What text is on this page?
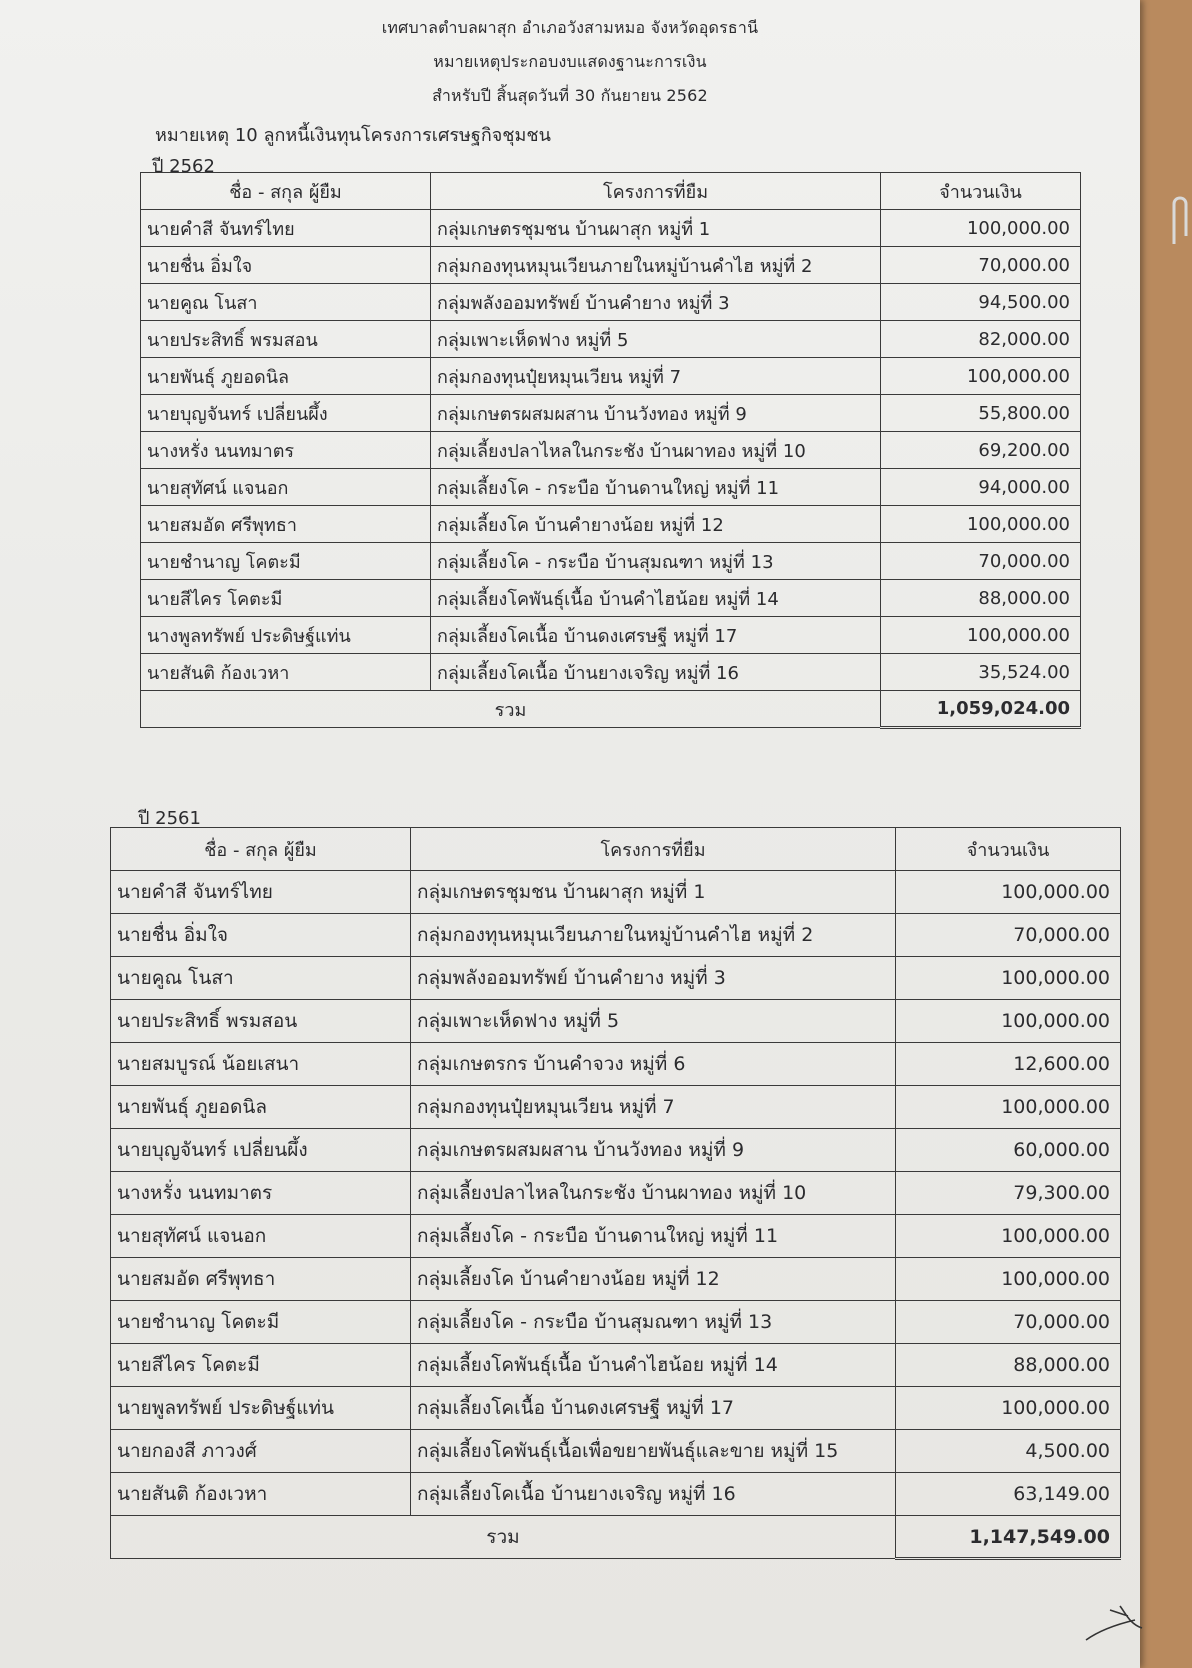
เทศบาลตำบลผาสุก อำเภอวังสามหมอ จังหวัดอุดรธานี
หมายเหตุประกอบงบแสดงฐานะการเงิน
สำหรับปี สิ้นสุดวันที่ 30 กันยายน 2562
หมายเหตุ 10 ลูกหนี้เงินทุนโครงการเศรษฐกิจชุมชน
ปี 2562
ชื่อ - สกุล ผู้ยืม	โครงการที่ยืม	จำนวนเงิน
นายคำสี จันทร์ไทย	กลุ่มเกษตรชุมชน บ้านผาสุก หมู่ที่ 1	100,000.00
นายชื่น อิ่มใจ	กลุ่มกองทุนหมุนเวียนภายในหมู่บ้านคำไฮ หมู่ที่ 2	70,000.00
นายคูณ โนสา	กลุ่มพลังออมทรัพย์ บ้านคำยาง หมู่ที่ 3	94,500.00
นายประสิทธิ์ พรมสอน	กลุ่มเพาะเห็ดฟาง หมู่ที่ 5	82,000.00
นายพันธุ์ ภูยอดนิล	กลุ่มกองทุนปุ๋ยหมุนเวียน หมู่ที่ 7	100,000.00
นายบุญจันทร์ เปลี่ยนผึ้ง	กลุ่มเกษตรผสมผสาน บ้านวังทอง หมู่ที่ 9	55,800.00
นางหรั่ง นนทมาตร	กลุ่มเลี้ยงปลาไหลในกระชัง บ้านผาทอง หมู่ที่ 10	69,200.00
นายสุทัศน์ แจนอก	กลุ่มเลี้ยงโค - กระบือ บ้านดานใหญ่ หมู่ที่ 11	94,000.00
นายสมอัด ศรีพุทธา	กลุ่มเลี้ยงโค บ้านคำยางน้อย หมู่ที่ 12	100,000.00
นายชำนาญ โคตะมี	กลุ่มเลี้ยงโค - กระบือ บ้านสุมณฑา หมู่ที่ 13	70,000.00
นายสีไคร โคตะมี	กลุ่มเลี้ยงโคพันธุ์เนื้อ บ้านคำไฮน้อย หมู่ที่ 14	88,000.00
นางพูลทรัพย์ ประดิษฐ์แท่น	กลุ่มเลี้ยงโคเนื้อ บ้านดงเศรษฐี หมู่ที่ 17	100,000.00
นายสันติ ก้องเวหา	กลุ่มเลี้ยงโคเนื้อ บ้านยางเจริญ หมู่ที่ 16	35,524.00
รวม		1,059,024.00
ปี 2561
ชื่อ - สกุล ผู้ยืม	โครงการที่ยืม	จำนวนเงิน
นายคำสี จันทร์ไทย	กลุ่มเกษตรชุมชน บ้านผาสุก หมู่ที่ 1	100,000.00
นายชื่น อิ่มใจ	กลุ่มกองทุนหมุนเวียนภายในหมู่บ้านคำไฮ หมู่ที่ 2	70,000.00
นายคูณ โนสา	กลุ่มพลังออมทรัพย์ บ้านคำยาง หมู่ที่ 3	100,000.00
นายประสิทธิ์ พรมสอน	กลุ่มเพาะเห็ดฟาง หมู่ที่ 5	100,000.00
นายสมบูรณ์ น้อยเสนา	กลุ่มเกษตรกร บ้านคำจวง หมู่ที่ 6	12,600.00
นายพันธุ์ ภูยอดนิล	กลุ่มกองทุนปุ๋ยหมุนเวียน หมู่ที่ 7	100,000.00
นายบุญจันทร์ เปลี่ยนผึ้ง	กลุ่มเกษตรผสมผสาน บ้านวังทอง หมู่ที่ 9	60,000.00
นางหรั่ง นนทมาตร	กลุ่มเลี้ยงปลาไหลในกระชัง บ้านผาทอง หมู่ที่ 10	79,300.00
นายสุทัศน์ แจนอก	กลุ่มเลี้ยงโค - กระบือ บ้านดานใหญ่ หมู่ที่ 11	100,000.00
นายสมอัด ศรีพุทธา	กลุ่มเลี้ยงโค บ้านคำยางน้อย หมู่ที่ 12	100,000.00
นายชำนาญ โคตะมี	กลุ่มเลี้ยงโค - กระบือ บ้านสุมณฑา หมู่ที่ 13	70,000.00
นายสีไคร โคตะมี	กลุ่มเลี้ยงโคพันธุ์เนื้อ บ้านคำไฮน้อย หมู่ที่ 14	88,000.00
นายพูลทรัพย์ ประดิษฐ์แท่น	กลุ่มเลี้ยงโคเนื้อ บ้านดงเศรษฐี หมู่ที่ 17	100,000.00
นายกองสี ภาวงศ์	กลุ่มเลี้ยงโคพันธุ์เนื้อเพื่อขยายพันธุ์และขาย หมู่ที่ 15	4,500.00
นายสันติ ก้องเวหา	กลุ่มเลี้ยงโคเนื้อ บ้านยางเจริญ หมู่ที่ 16	63,149.00
รวม		1,147,549.00
